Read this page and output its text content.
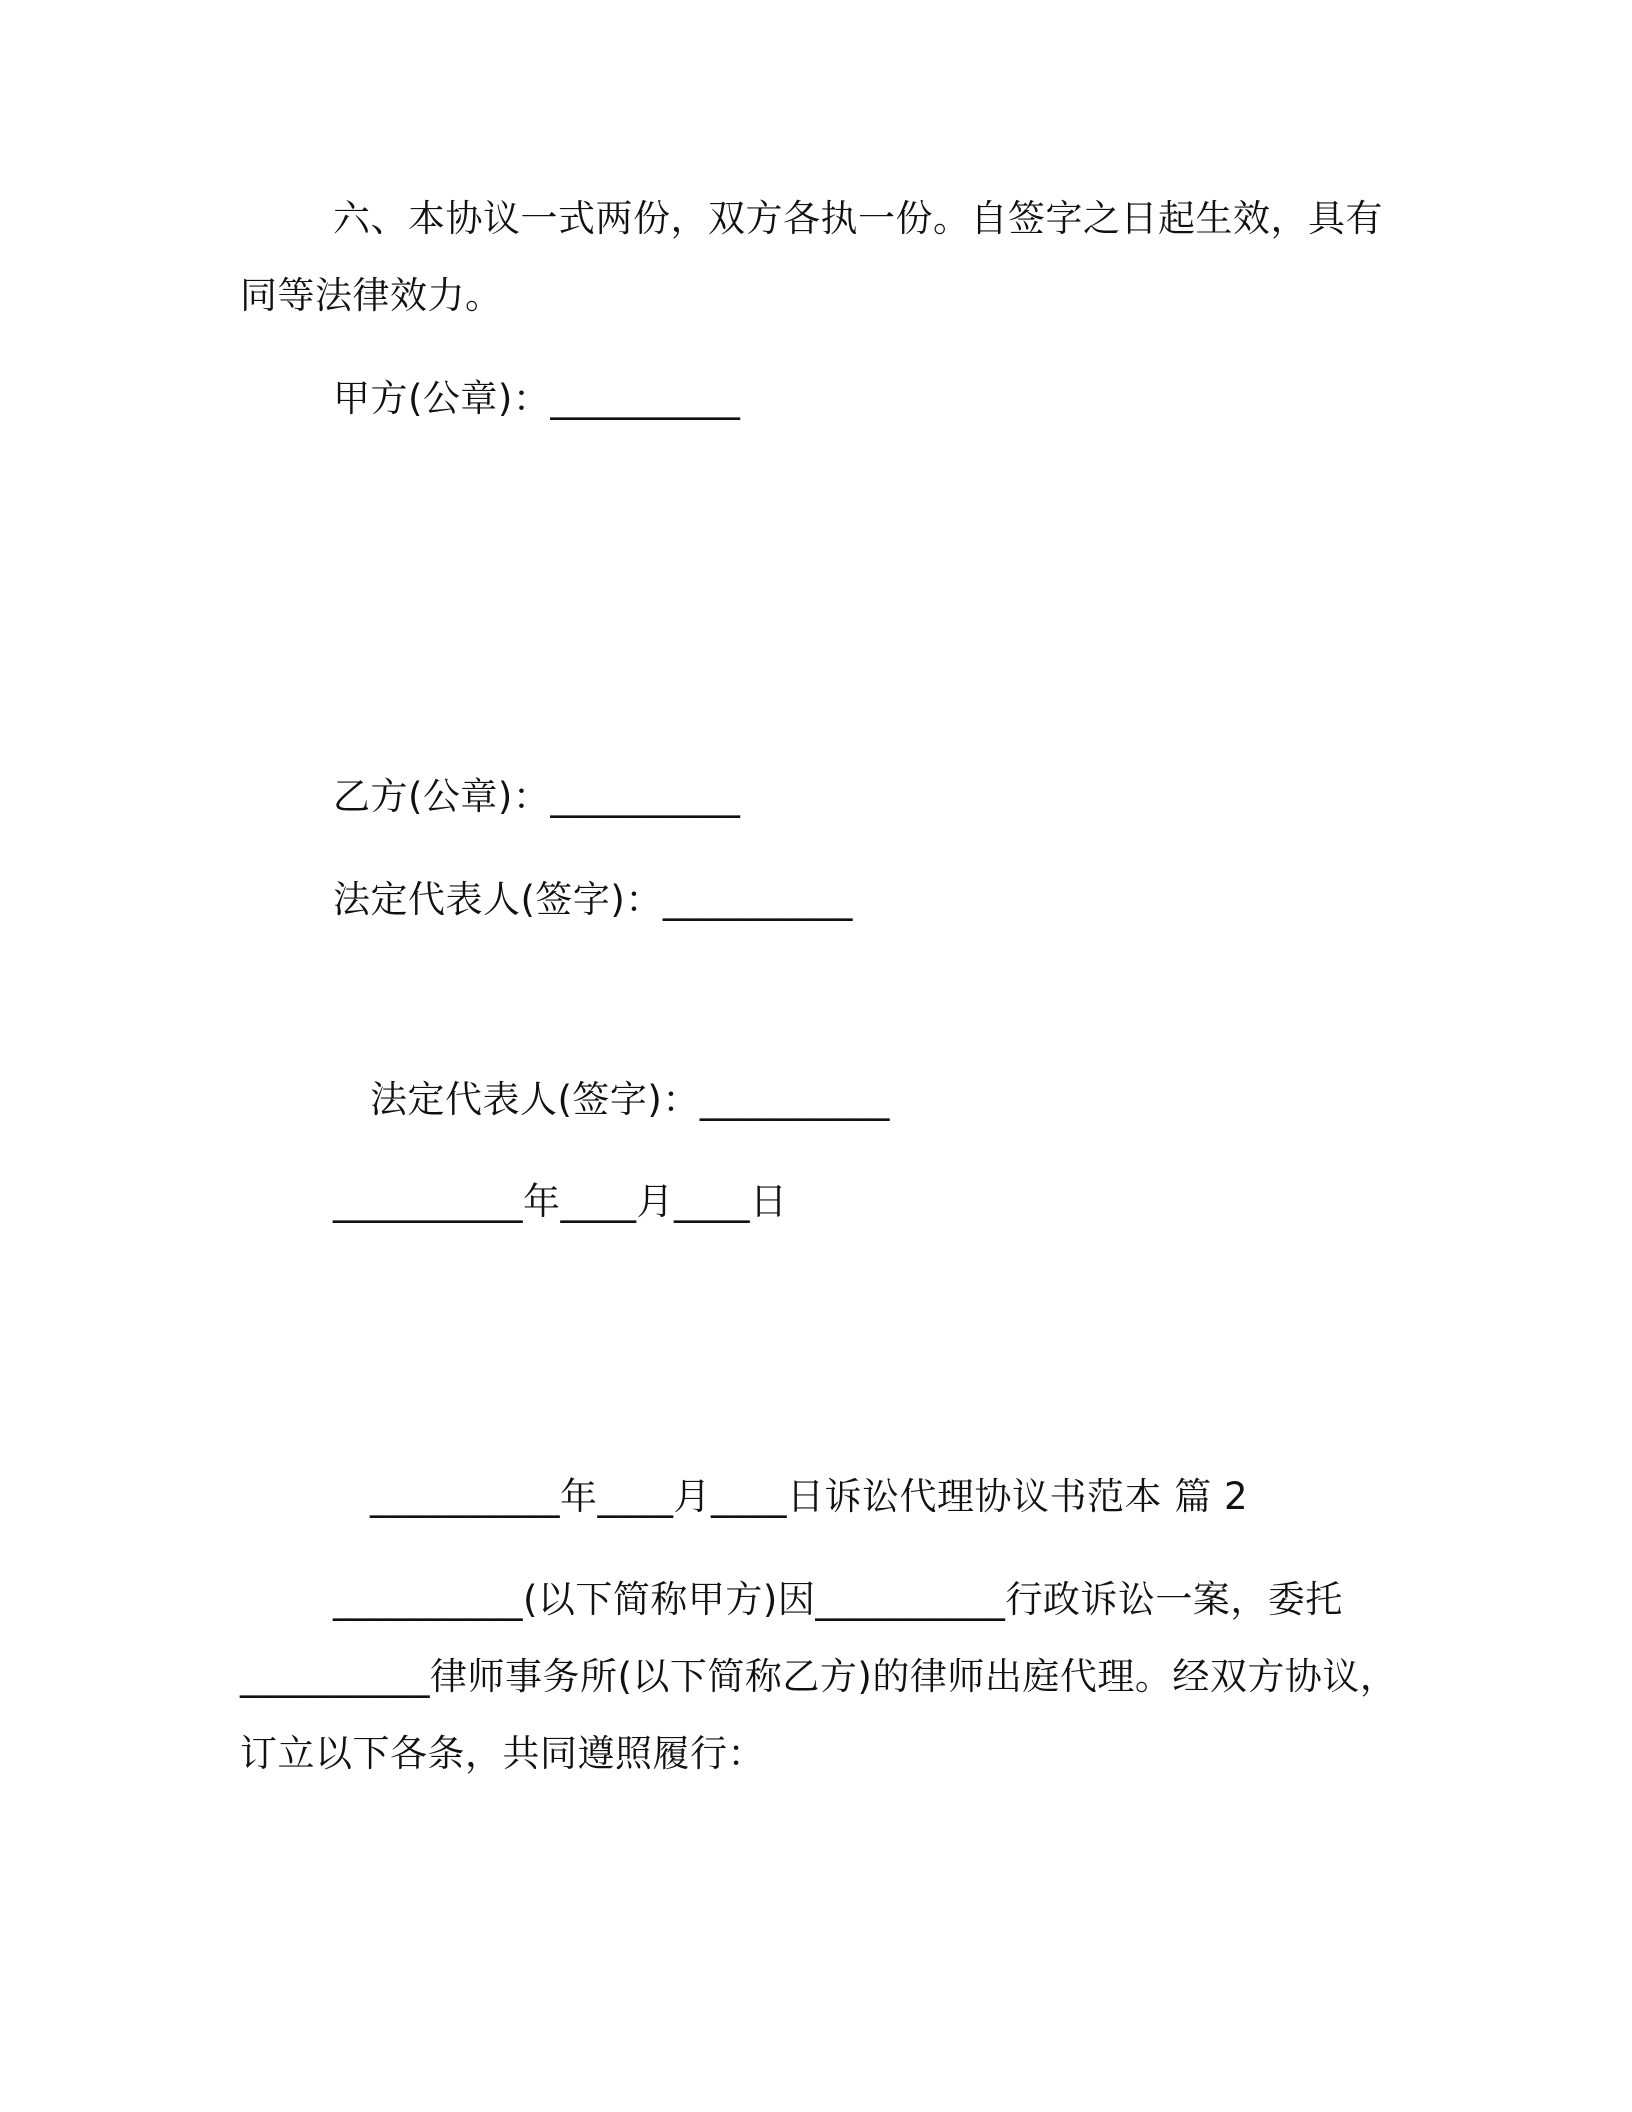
六、本协议一式两份，双方各执一份。自签字之日起生效，具有
同等法律效力。
甲方(公章)：__________
乙方(公章)：__________
法定代表人(签字)：__________
法定代表人(签字)：__________
__________年____月____日
__________年____月____日诉讼代理协议书范本 篇 2
__________(以下简称甲方)因__________行政诉讼一案，委托
__________律师事务所(以下简称乙方)的律师出庭代理。经双方协议，
订立以下各条，共同遵照履行：
